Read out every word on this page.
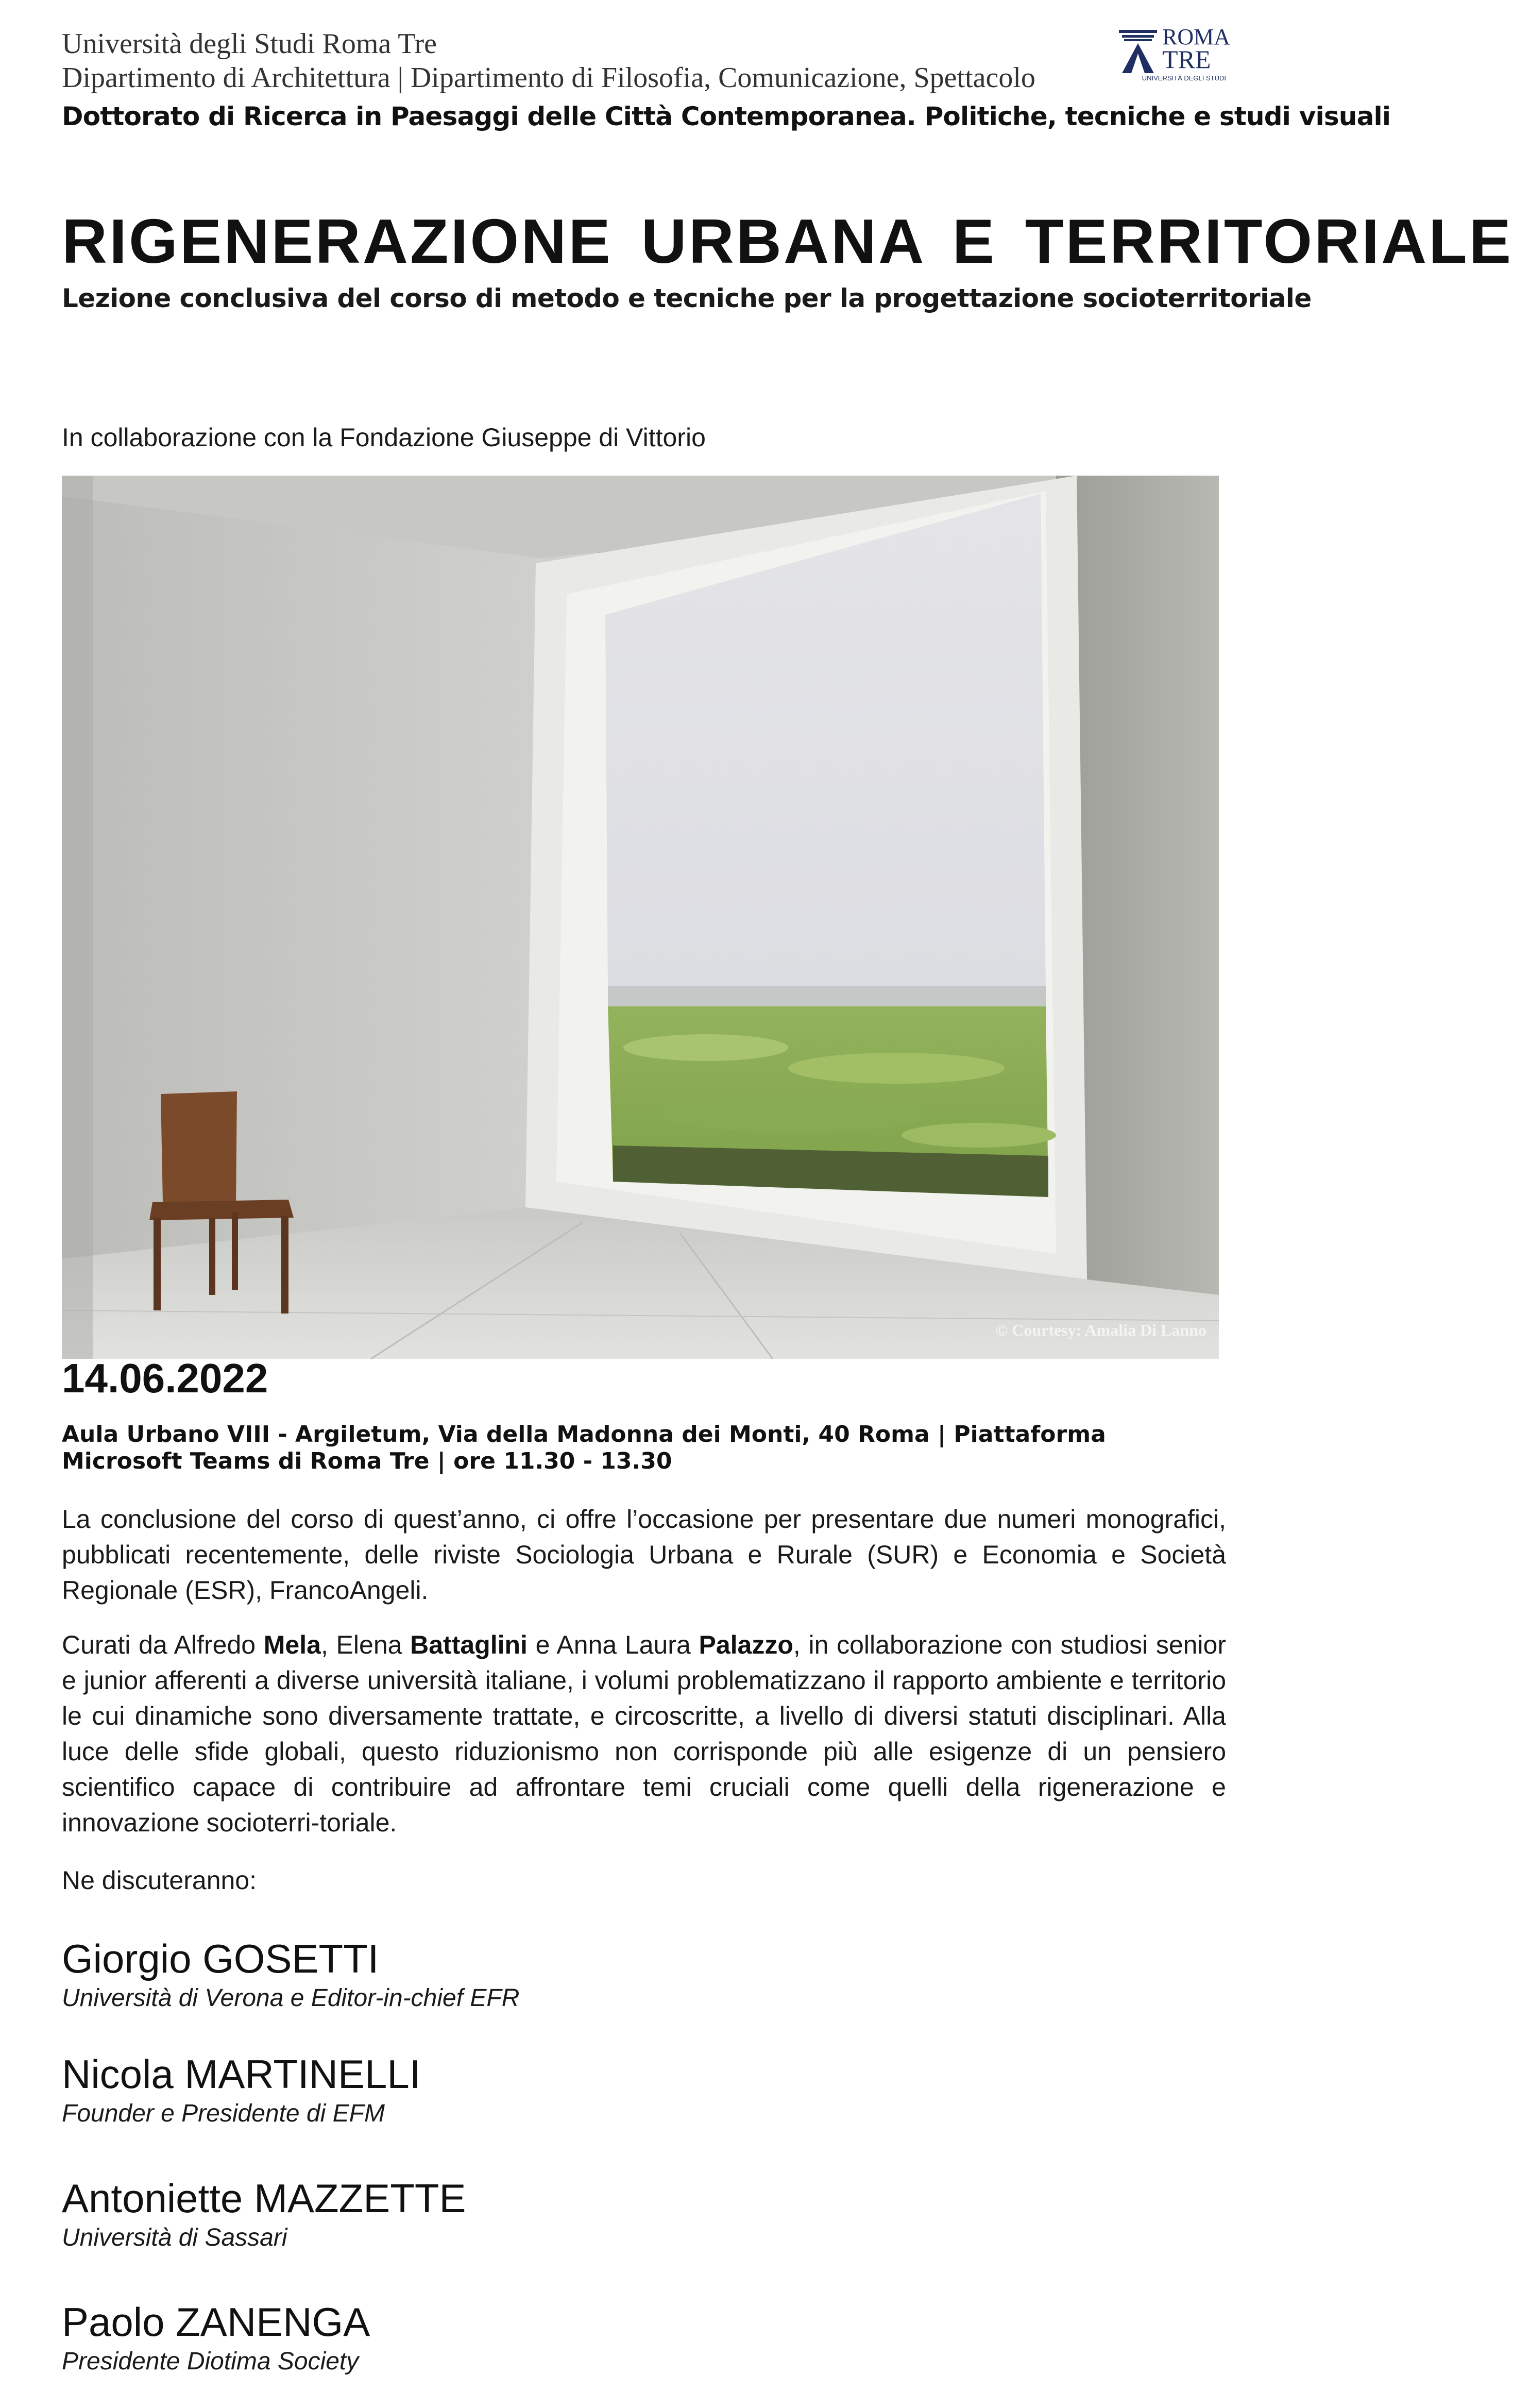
Università degli Studi Roma Tre
Dipartimento di Architettura | Dipartimento di Filosofia, Comunicazione, Spettacolo
Dottorato di Ricerca in Paesaggi delle Città Contemporanea. Politiche, tecniche e studi visuali
ROMA
TRE
UNIVERSITÀ DEGLI STUDI
RIGENERAZIONE URBANA E TERRITORIALE
Lezione conclusiva del corso di metodo e tecniche per la progettazione socioterritoriale
In collaborazione con la Fondazione Giuseppe di Vittorio
© Courtesy: Amalia Di Lanno
14.06.2022
Aula Urbano VIII - Argiletum, Via della Madonna dei Monti, 40 Roma | Piattaforma Microsoft Teams di Roma Tre | ore 11.30 - 13.30
La conclusione del corso di quest’anno, ci offre l’occasione per presentare due numeri monografici, pubblicati recentemente, delle riviste Sociologia Urbana e Rurale (SUR) e Economia e Società Regionale (ESR), FrancoAngeli.
Curati da Alfredo Mela, Elena Battaglini e Anna Laura Palazzo, in collaborazione con studiosi senior e junior afferenti a diverse università italiane, i volumi problematizzano il rapporto ambiente e territorio le cui dinamiche sono diversamente trattate, e circoscritte, a livello di diversi statuti disciplinari. Alla luce delle sfide globali, questo riduzionismo non corrisponde più alle esigenze di un pensiero scientifico capace di contribuire ad affrontare temi cruciali come quelli della rigenerazione e innovazione socioterri-toriale.
Ne discuteranno:
Giorgio GOSETTI
Università di Verona e Editor-in-chief EFR
Nicola MARTINELLI
Founder e Presidente di EFM
Antoniette MAZZETTE
Università di Sassari
Paolo ZANENGA
Presidente Diotima Society
